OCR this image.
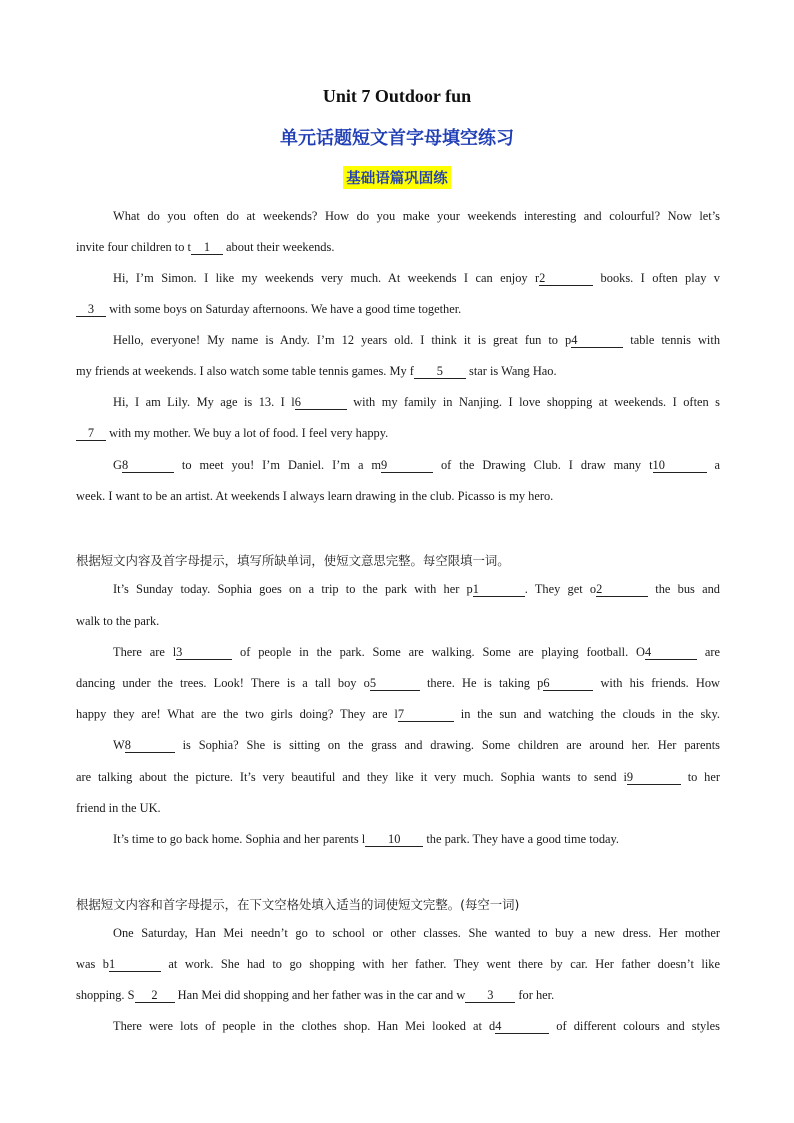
Unit 7 Outdoor fun
单元话题短文首字母填空练习
基础语篇巩固练
What do you often do at weekends? How do you make your weekends interesting and colourful? Now let’s
invite four children to t 1 about their weekends.
Hi, I’m Simon. I like my weekends very much. At weekends I can enjoy r2	books. I often play v
3 with some boys on Saturday afternoons. We have a good time together.
Hello, everyone! My name is Andy. I’m 12 years old. I think it is great fun to p4	table tennis with
my friends at weekends. I also watch some table tennis games. My f 5 star is Wang Hao.
Hi, I am Lily. My age is 13. I l6	with my family in Nanjing. I love shopping at weekends. I often s
7 with my mother. We buy a lot of food. I feel very happy.
G8	to meet you! I’m Daniel. I’m a m9	of the Drawing Club. I draw many t10	a
week. I want to be an artist. At weekends I always learn drawing in the club. Picasso is my hero.
根据短文内容及首字母提示，填写所缺单词，使短文意思完整。每空限填一词。
It’s Sunday today. Sophia goes on a trip to the park with her p1	. They get o2	the bus and
walk to the park.
There are l3	of people in the park. Some are walking. Some are playing football. O4	are
dancing under the trees. Look! There is a tall boy o5	there. He is taking p6	with his friends. How
happy they are! What are the two girls doing? They are l7	in the sun and watching the clouds in the sky.
W8	is Sophia? She is sitting on the grass and drawing. Some children are around her. Her parents
are talking about the picture. It’s very beautiful and they like it very much. Sophia wants to send i9	to her
friend in the UK.
It’s time to go back home. Sophia and her parents l 10 the park. They have a good time today.
根据短文内容和首字母提示，在下文空格处填入适当的词使短文完整。(每空一词)
One Saturday, Han Mei needn’t go to school or other classes. She wanted to buy a new dress. Her mother
was b1	at work. She had to go shopping with her father. They went there by car. Her father doesn’t like
shopping. S 2 Han Mei did shopping and her father was in the car and w 3 for her.
There were lots of people in the clothes shop. Han Mei looked at d4	of different colours and styles
